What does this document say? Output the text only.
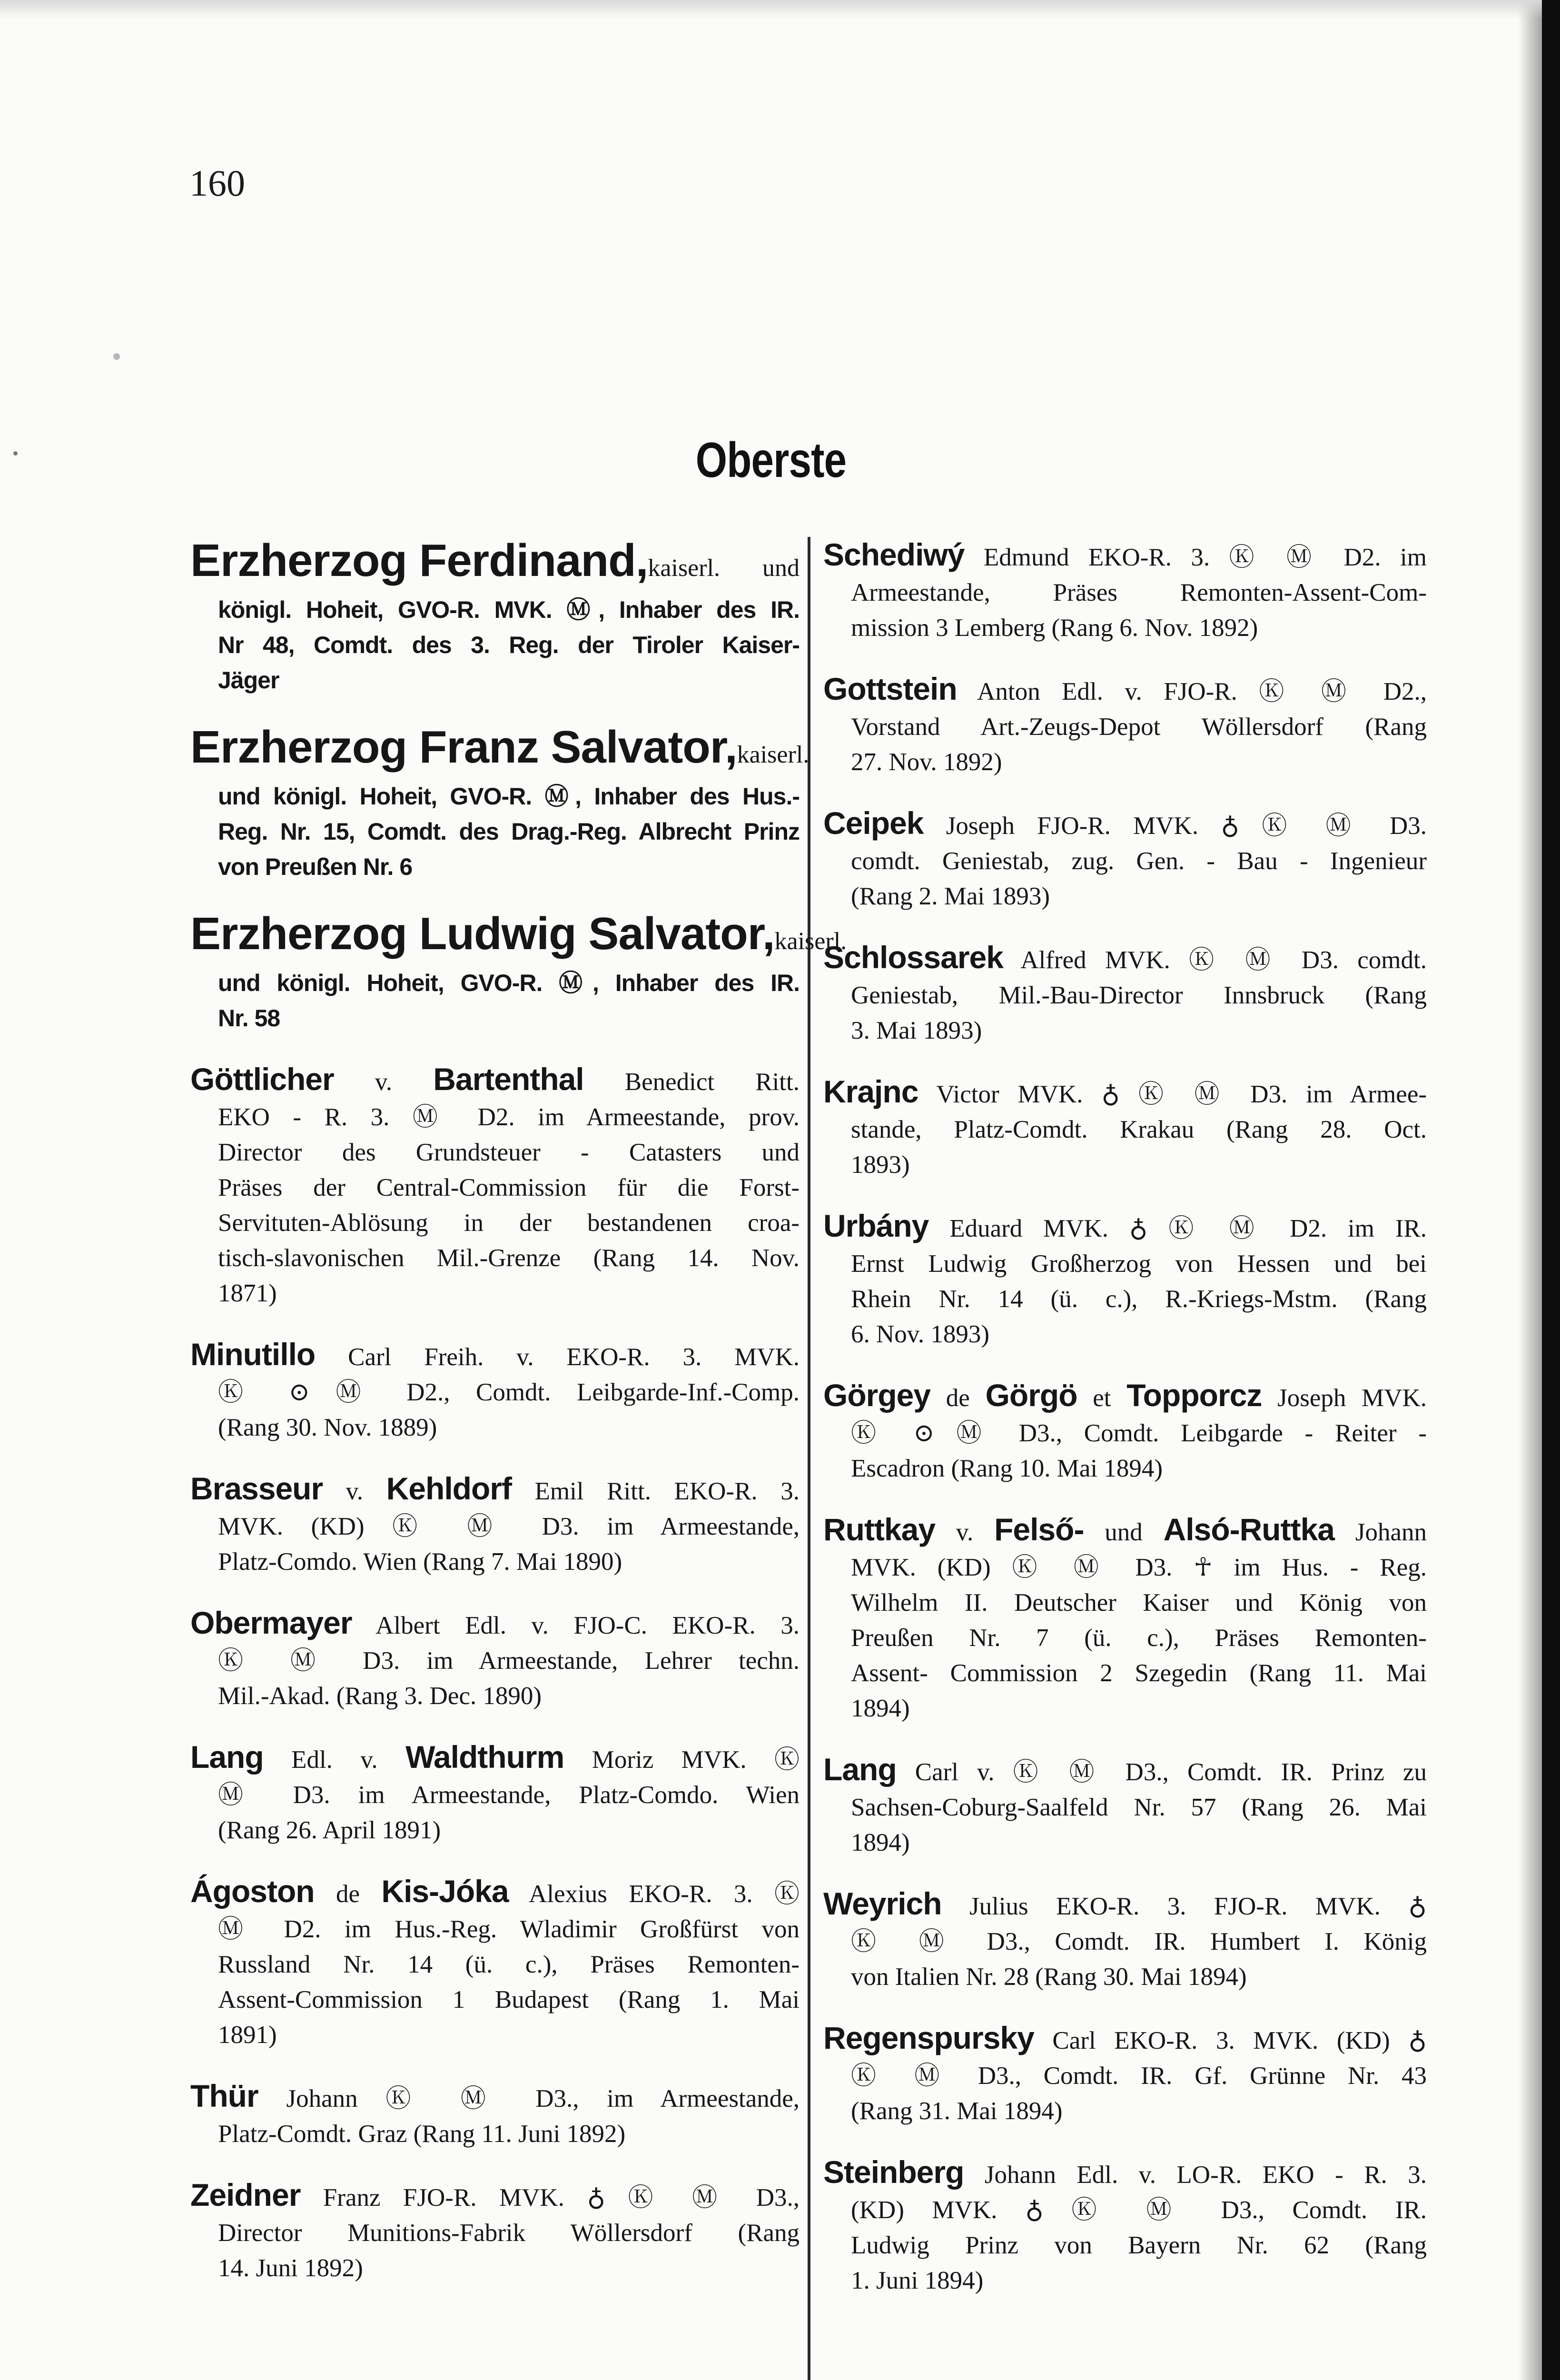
160
Oberste
Erzherzog Ferdinand,kaiserl. und
königl. Hoheit, GVO-R. MVK. Ⓜ, Inhaber des IR.
Nr 48, Comdt. des 3. Reg. der Tiroler Kaiser-
Jäger
Erzherzog Franz Salvator,kaiserl.
und königl. Hoheit, GVO-R. Ⓜ, Inhaber des Hus.-
Reg. Nr. 15, Comdt. des Drag.-Reg. Albrecht Prinz
von Preußen Nr. 6
Erzherzog Ludwig Salvator,kaiserl.
und königl. Hoheit, GVO-R. Ⓜ, Inhaber des IR.
Nr. 58
Göttlicher v. Bartenthal Benedict Ritt.
EKO - R. 3. Ⓜ D2. im Armeestande, prov.
Director des Grundsteuer - Catasters und
Präses der Central-Commission für die Forst-
Servituten-Ablösung in der bestandenen croa-
tisch-slavonischen Mil.-Grenze (Rang 14. Nov.
1871)
Minutillo Carl Freih. v. EKO-R. 3. MVK.
Ⓚ ⊙ Ⓜ D2., Comdt. Leibgarde-Inf.-Comp.
(Rang 30. Nov. 1889)
Brasseur v. Kehldorf Emil Ritt. EKO-R. 3.
MVK. (KD) Ⓚ Ⓜ D3. im Armeestande,
Platz-Comdo. Wien (Rang 7. Mai 1890)
Obermayer Albert Edl. v. FJO-C. EKO-R. 3.
Ⓚ Ⓜ D3. im Armeestande, Lehrer techn.
Mil.-Akad. (Rang 3. Dec. 1890)
Lang Edl. v. Waldthurm Moriz MVK. Ⓚ
Ⓜ D3. im Armeestande, Platz-Comdo. Wien
(Rang 26. April 1891)
Ágoston de Kis-Jóka Alexius EKO-R. 3. Ⓚ
Ⓜ D2. im Hus.-Reg. Wladimir Großfürst von
Russland Nr. 14 (ü. c.), Präses Remonten-
Assent-Commission 1 Budapest (Rang 1. Mai
1891)
Thür Johann Ⓚ Ⓜ D3., im Armeestande,
Platz-Comdt. Graz (Rang 11. Juni 1892)
Zeidner Franz FJO-R. MVK. ♁ Ⓚ Ⓜ D3.,
Director Munitions-Fabrik Wöllersdorf (Rang
14. Juni 1892)
Schediwý Edmund EKO-R. 3. Ⓚ Ⓜ D2. im
Armeestande, Präses Remonten-Assent-Com-
mission 3 Lemberg (Rang 6. Nov. 1892)
Gottstein Anton Edl. v. FJO-R. Ⓚ Ⓜ D2.,
Vorstand Art.-Zeugs-Depot Wöllersdorf (Rang
27. Nov. 1892)
Ceipek Joseph FJO-R. MVK. ♁ Ⓚ Ⓜ D3.
comdt. Geniestab, zug. Gen. - Bau - Ingenieur
(Rang 2. Mai 1893)
Schlossarek Alfred MVK. Ⓚ Ⓜ D3. comdt.
Geniestab, Mil.-Bau-Director Innsbruck (Rang
3. Mai 1893)
Krajnc Victor MVK. ♁ Ⓚ Ⓜ D3. im Armee-
stande, Platz-Comdt. Krakau (Rang 28. Oct.
1893)
Urbány Eduard MVK. ♁ Ⓚ Ⓜ D2. im IR.
Ernst Ludwig Großherzog von Hessen und bei
Rhein Nr. 14 (ü. c.), R.-Kriegs-Mstm. (Rang
6. Nov. 1893)
Görgey de Görgö et Topporcz Joseph MVK.
Ⓚ ⊙ Ⓜ D3., Comdt. Leibgarde - Reiter -
Escadron (Rang 10. Mai 1894)
Ruttkay v. Felső- und Alsó-Ruttka Johann
MVK. (KD) Ⓚ Ⓜ D3. ☥ im Hus. - Reg.
Wilhelm II. Deutscher Kaiser und König von
Preußen Nr. 7 (ü. c.), Präses Remonten-
Assent- Commission 2 Szegedin (Rang 11. Mai
1894)
Lang Carl v. Ⓚ Ⓜ D3., Comdt. IR. Prinz zu
Sachsen-Coburg-Saalfeld Nr. 57 (Rang 26. Mai
1894)
Weyrich Julius EKO-R. 3. FJO-R. MVK. ♁
Ⓚ Ⓜ D3., Comdt. IR. Humbert I. König
von Italien Nr. 28 (Rang 30. Mai 1894)
Regenspursky Carl EKO-R. 3. MVK. (KD) ♁
Ⓚ Ⓜ D3., Comdt. IR. Gf. Grünne Nr. 43
(Rang 31. Mai 1894)
Steinberg Johann Edl. v. LO-R. EKO - R. 3.
(KD) MVK. ♁ Ⓚ Ⓜ D3., Comdt. IR.
Ludwig Prinz von Bayern Nr. 62 (Rang
1. Juni 1894)
